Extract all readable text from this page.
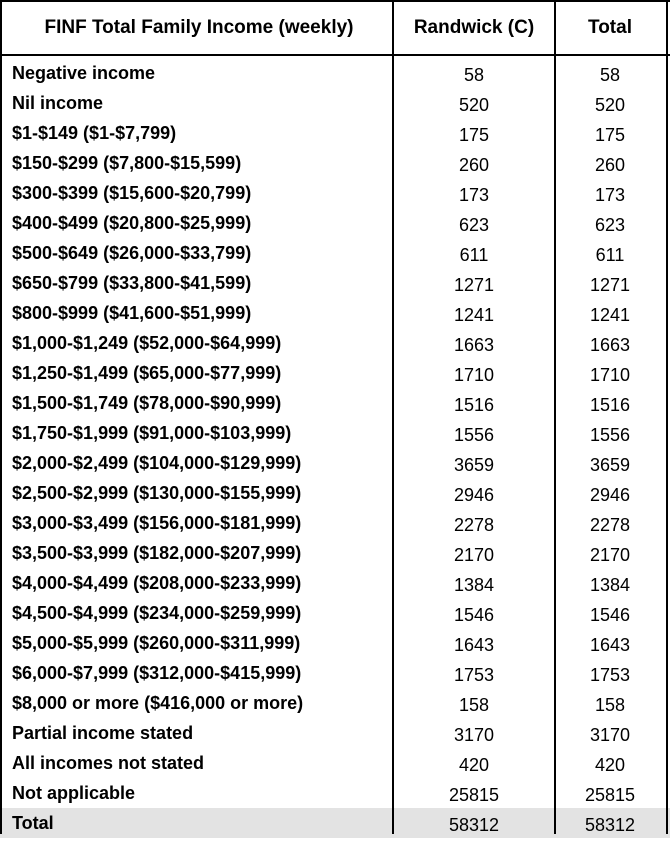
FINF Total Family Income (weekly)	Randwick (C)	Total
Negative income	58	58
Nil income	520	520
$1-$149 ($1-$7,799)	175	175
$150-$299 ($7,800-$15,599)	260	260
$300-$399 ($15,600-$20,799)	173	173
$400-$499 ($20,800-$25,999)	623	623
$500-$649 ($26,000-$33,799)	611	611
$650-$799 ($33,800-$41,599)	1271	1271
$800-$999 ($41,600-$51,999)	1241	1241
$1,000-$1,249 ($52,000-$64,999)	1663	1663
$1,250-$1,499 ($65,000-$77,999)	1710	1710
$1,500-$1,749 ($78,000-$90,999)	1516	1516
$1,750-$1,999 ($91,000-$103,999)	1556	1556
$2,000-$2,499 ($104,000-$129,999)	3659	3659
$2,500-$2,999 ($130,000-$155,999)	2946	2946
$3,000-$3,499 ($156,000-$181,999)	2278	2278
$3,500-$3,999 ($182,000-$207,999)	2170	2170
$4,000-$4,499 ($208,000-$233,999)	1384	1384
$4,500-$4,999 ($234,000-$259,999)	1546	1546
$5,000-$5,999 ($260,000-$311,999)	1643	1643
$6,000-$7,999 ($312,000-$415,999)	1753	1753
$8,000 or more ($416,000 or more)	158	158
Partial income stated	3170	3170
All incomes not stated	420	420
Not applicable	25815	25815
Total	58312	58312
